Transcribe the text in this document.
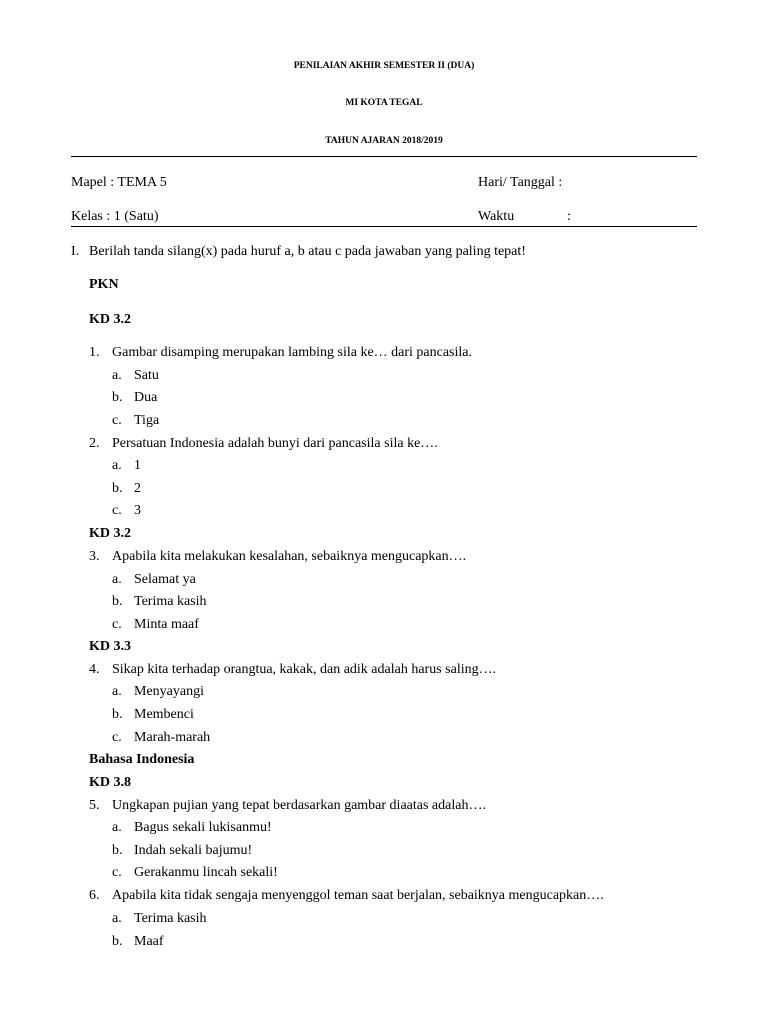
PENILAIAN AKHIR SEMESTER II (DUA)
MI KOTA TEGAL
TAHUN AJARAN 2018/2019
Mapel : TEMA 5	Hari/ Tanggal :
Kelas : 1 (Satu)	Waktu	:
I. Berilah tanda silang(x) pada huruf a, b atau c pada jawaban yang paling tepat!
PKN
KD 3.2
1. Gambar disamping merupakan lambing sila ke… dari pancasila.
a. Satu
b. Dua
c. Tiga
2. Persatuan Indonesia adalah bunyi dari pancasila sila ke….
a. 1
b. 2
c. 3
KD 3.2
3. Apabila kita melakukan kesalahan, sebaiknya mengucapkan….
a. Selamat ya
b. Terima kasih
c. Minta maaf
KD 3.3
4. Sikap kita terhadap orangtua, kakak, dan adik adalah harus saling….
a. Menyayangi
b. Membenci
c. Marah-marah
Bahasa Indonesia
KD 3.8
5. Ungkapan pujian yang tepat berdasarkan gambar diaatas adalah….
a. Bagus sekali lukisanmu!
b. Indah sekali bajumu!
c. Gerakanmu lincah sekali!
6. Apabila kita tidak sengaja menyenggol teman saat berjalan, sebaiknya mengucapkan….
a. Terima kasih
b. Maaf
